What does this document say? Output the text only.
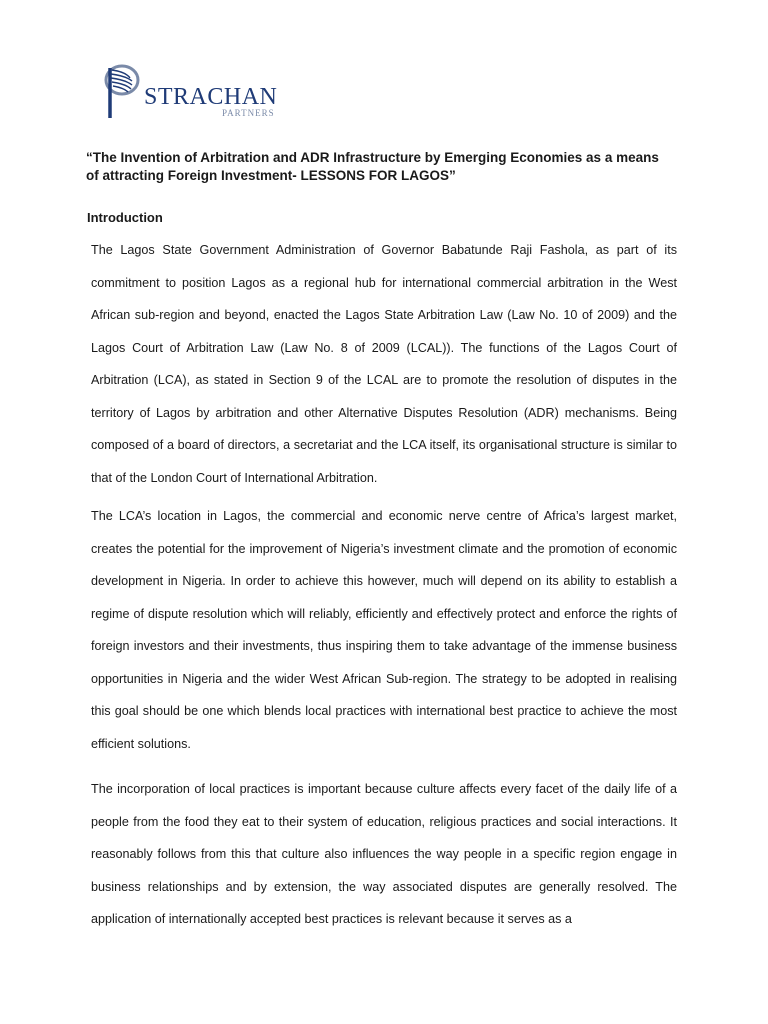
STRACHAN
PARTNERS
“The Invention of Arbitration and ADR Infrastructure by Emerging Economies as a means
of attracting Foreign Investment- LESSONS FOR LAGOS”
Introduction

The Lagos State Government Administration of Governor Babatunde Raji Fashola, as part of its commitment to position Lagos as a regional hub for international commercial arbitration in the West African sub-region and beyond, enacted the Lagos State Arbitration Law (Law No. 10 of 2009) and the Lagos Court of Arbitration Law (Law No. 8 of 2009 (LCAL)). The functions of the Lagos Court of Arbitration (LCA), as stated in Section 9 of the LCAL are to promote the resolution of disputes in the territory of Lagos by arbitration and other Alternative Disputes Resolution (ADR) mechanisms. Being composed of a board of directors, a secretariat and the LCA itself, its organisational structure is similar to that of the London Court of International Arbitration.

The LCA’s location in Lagos, the commercial and economic nerve centre of Africa’s largest market, creates the potential for the improvement of Nigeria’s investment climate and the promotion of economic development in Nigeria. In order to achieve this however, much will depend on its ability to establish a regime of dispute resolution which will reliably, efficiently and effectively protect and enforce the rights of foreign investors and their investments, thus inspiring them to take advantage of the immense business opportunities in Nigeria and the wider West African Sub-region. The strategy to be adopted in realising this goal should be one which blends local practices with international best practice to achieve the most efficient solutions.

The incorporation of local practices is important because culture affects every facet of the daily life of a people from the food they eat to their system of education, religious practices and social interactions. It reasonably follows from this that culture also influences the way people in a specific region engage in business relationships and by extension, the way associated disputes are generally resolved. The application of internationally accepted best practices is relevant because it serves as a
